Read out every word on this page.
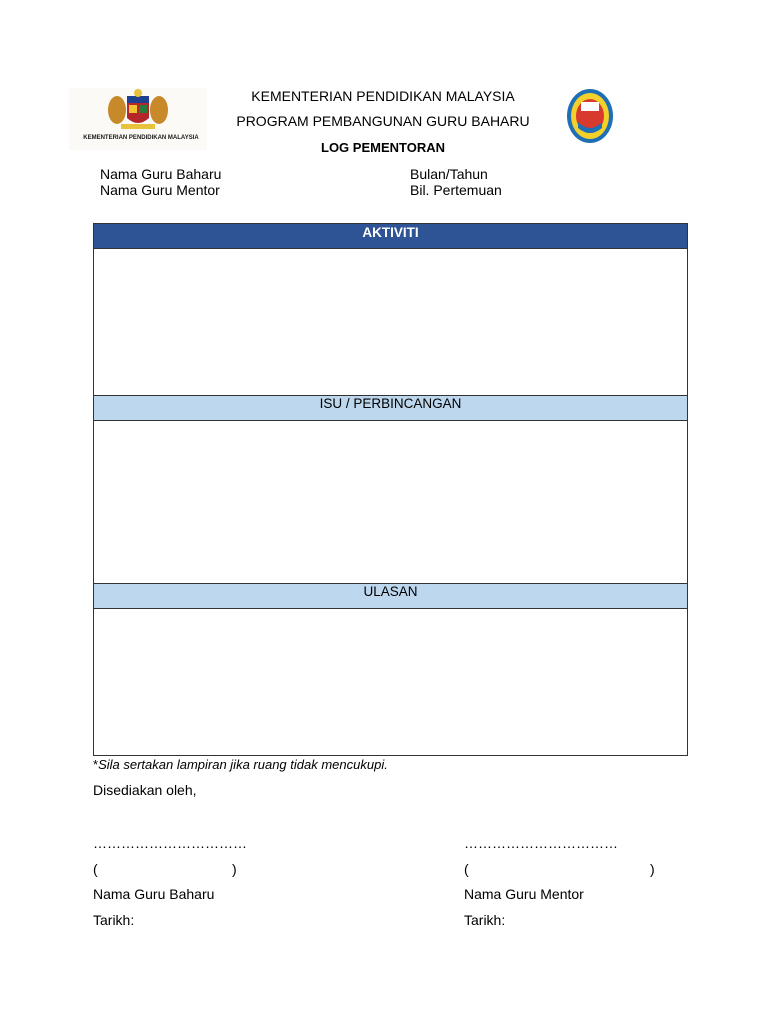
KEMENTERIAN PENDIDIKAN MALAYSIA
KEMENTERIAN PENDIDIKAN MALAYSIA
PROGRAM PEMBANGUNAN GURU BAHARU
LOG PEMENTORAN
Nama Guru Baharu
Nama Guru Mentor
Bulan/Tahun
Bil. Pertemuan
AKTIVITI
ISU / PERBINCANGAN
ULASAN
*Sila sertakan lampiran jika ruang tidak mencukupi.
Disediakan oleh,
……………………………
(	)
Nama Guru Baharu
Tarikh:
……………………………
(	)
Nama Guru Mentor
Tarikh:
